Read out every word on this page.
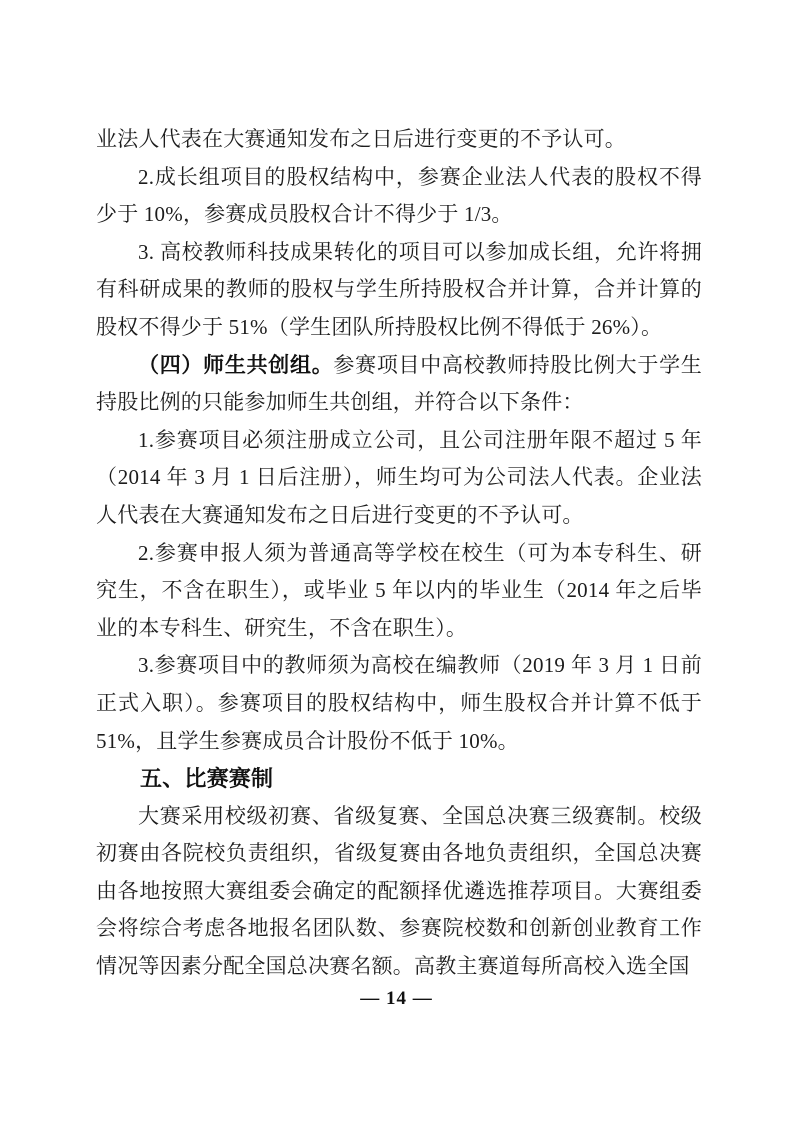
业法人代表在大赛通知发布之日后进行变更的不予认可。

2.成长组项目的股权结构中，参赛企业法人代表的股权不得少于 10%，参赛成员股权合计不得少于 1/3。

3. 高校教师科技成果转化的项目可以参加成长组，允许将拥有科研成果的教师的股权与学生所持股权合并计算，合并计算的股权不得少于 51%（学生团队所持股权比例不得低于 26%）。

（四）师生共创组。参赛项目中高校教师持股比例大于学生持股比例的只能参加师生共创组，并符合以下条件：

1.参赛项目必须注册成立公司，且公司注册年限不超过 5 年（2014 年 3 月 1 日后注册），师生均可为公司法人代表。企业法人代表在大赛通知发布之日后进行变更的不予认可。

2.参赛申报人须为普通高等学校在校生（可为本专科生、研究生，不含在职生），或毕业 5 年以内的毕业生（2014 年之后毕业的本专科生、研究生，不含在职生）。

3.参赛项目中的教师须为高校在编教师（2019 年 3 月 1 日前正式入职）。参赛项目的股权结构中，师生股权合并计算不低于 51%，且学生参赛成员合计股份不低于 10%。

五、比赛赛制

大赛采用校级初赛、省级复赛、全国总决赛三级赛制。校级初赛由各院校负责组织，省级复赛由各地负责组织，全国总决赛由各地按照大赛组委会确定的配额择优遴选推荐项目。大赛组委会将综合考虑各地报名团队数、参赛院校数和创新创业教育工作情况等因素分配全国总决赛名额。高教主赛道每所高校入选全国

— 14 —
